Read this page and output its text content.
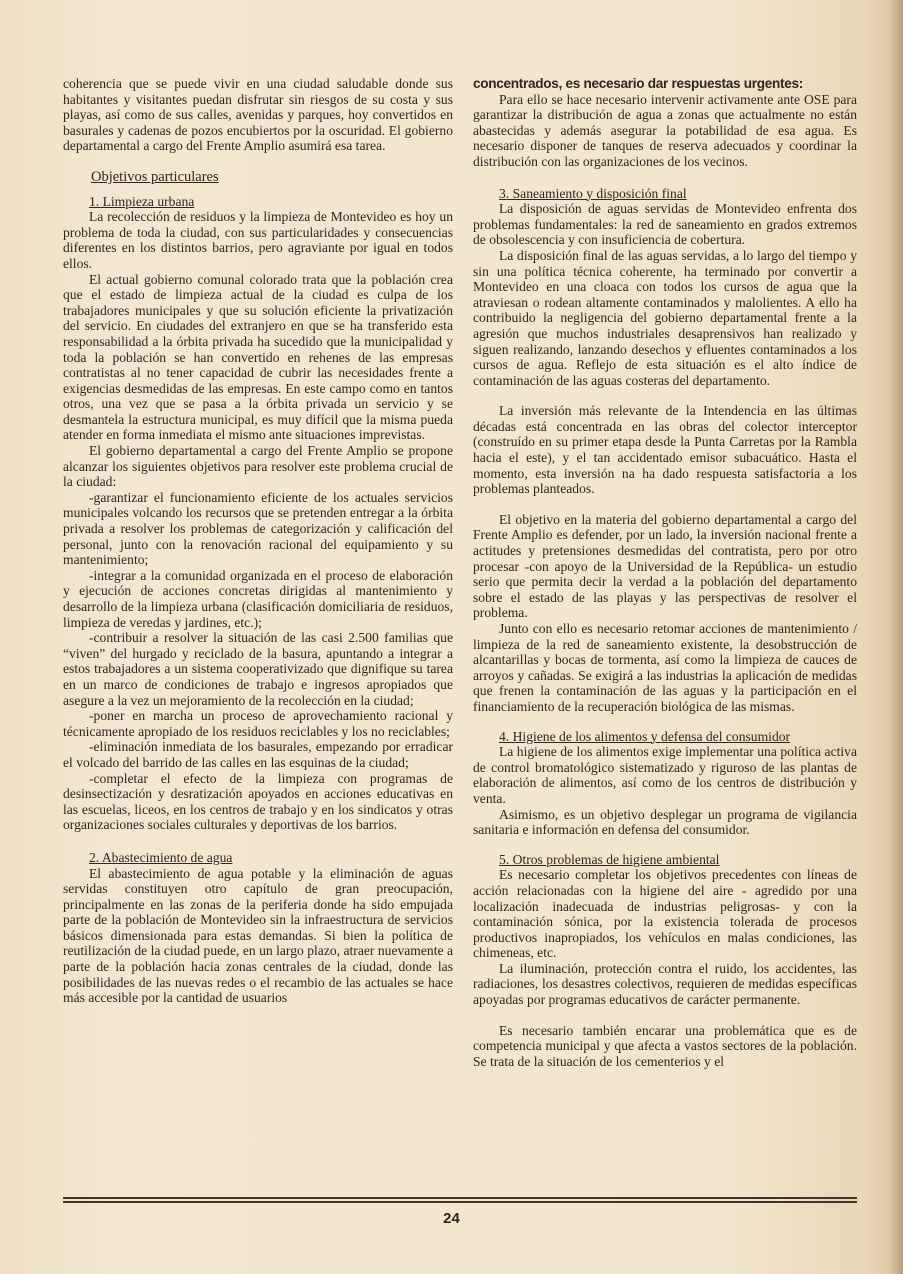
coherencia que se puede vivir en una ciudad saludable donde sus habitantes y visitantes puedan disfrutar sin riesgos de su costa y sus playas, así como de sus calles, avenidas y parques, hoy convertidos en basurales y cadenas de pozos encubiertos por la oscuridad. El gobierno departamental a cargo del Frente Amplio asumirá esa tarea.

Objetivos particulares
1. Limpieza urbana

La recolección de residuos y la limpieza de Montevideo es hoy un problema de toda la ciudad, con sus particularidades y consecuencias diferentes en los distintos barrios, pero agraviante por igual en todos ellos.

El actual gobierno comunal colorado trata que la población crea que el estado de limpieza actual de la ciudad es culpa de los trabajadores municipales y que su solución eficiente la privatización del servicio. En ciudades del extranjero en que se ha transferido esta responsabilidad a la órbita privada ha sucedido que la municipalidad y toda la población se han convertido en rehenes de las empresas contratistas al no tener capacidad de cubrir las necesidades frente a exigencias desmedidas de las empresas. En este campo como en tantos otros, una vez que se pasa a la órbita privada un servicio y se desmantela la estructura municipal, es muy difícil que la misma pueda atender en forma inmediata el mismo ante situaciones imprevistas.

El gobierno departamental a cargo del Frente Amplio se propone alcanzar los siguientes objetivos para resolver este problema crucial de la ciudad:

-garantizar el funcionamiento eficiente de los actuales servicios municipales volcando los recursos que se pretenden entregar a la órbita privada a resolver los problemas de categorización y calificación del personal, junto con la renovación racional del equipamiento y su mantenimiento;

-integrar a la comunidad organizada en el proceso de elaboración y ejecución de acciones concretas dirigidas al mantenimiento y desarrollo de la limpieza urbana (clasificación domiciliaria de residuos, limpieza de veredas y jardines, etc.);

-contribuir a resolver la situación de las casi 2.500 familias que “viven” del hurgado y reciclado de la basura, apuntando a integrar a estos trabajadores a un sistema cooperativizado que dignifique su tarea en un marco de condiciones de trabajo e ingresos apropiados que asegure a la vez un mejoramiento de la recolección en la ciudad;

-poner en marcha un proceso de aprovechamiento racional y técnicamente apropiado de los residuos reciclables y los no reciclables;

-eliminación inmediata de los basurales, empezando por erradicar el volcado del barrido de las calles en las esquinas de la ciudad;

-completar el efecto de la limpieza con programas de desinsectización y desratización apoyados en acciones educativas en las escuelas, liceos, en los centros de trabajo y en los sindicatos y otras organizaciones sociales culturales y deportivas de los barrios.

2. Abastecimiento de agua

El abastecimiento de agua potable y la eliminación de aguas servidas constituyen otro capítulo de gran preocupación, principalmente en las zonas de la periferia donde ha sido empujada parte de la población de Montevideo sin la infraestructura de servicios básicos dimensionada para estas demandas. Si bien la política de reutilización de la ciudad puede, en un largo plazo, atraer nuevamente a parte de la población hacia zonas centrales de la ciudad, donde las posibilidades de las nuevas redes o el recambio de las actuales se hace más accesible por la cantidad de usuarios

concentrados, es necesario dar respuestas urgentes:

Para ello se hace necesario intervenir activamente ante OSE para garantizar la distribución de agua a zonas que actualmente no están abastecidas y además asegurar la potabilidad de esa agua. Es necesario disponer de tanques de reserva adecuados y coordinar la distribución con las organizaciones de los vecinos.

3. Saneamiento y disposición final

La disposición de aguas servidas de Montevideo enfrenta dos problemas fundamentales: la red de saneamiento en grados extremos de obsolescencia y con insuficiencia de cobertura.

La disposición final de las aguas servidas, a lo largo del tiempo y sin una política técnica coherente, ha terminado por convertir a Montevideo en una cloaca con todos los cursos de agua que la atraviesan o rodean altamente contaminados y malolientes. A ello ha contribuido la negligencia del gobierno departamental frente a la agresión que muchos industriales desaprensivos han realizado y siguen realizando, lanzando desechos y efluentes contaminados a los cursos de agua. Reflejo de esta situación es el alto índice de contaminación de las aguas costeras del departamento.

La inversión más relevante de la Intendencia en las últimas décadas está concentrada en las obras del colector interceptor (construído en su primer etapa desde la Punta Carretas por la Rambla hacia el este), y el tan accidentado emisor subacuático. Hasta el momento, esta inversión na ha dado respuesta satisfactoria a los problemas planteados.

El objetivo en la materia del gobierno departamental a cargo del Frente Amplio es defender, por un lado, la inversión nacional frente a actitudes y pretensiones desmedidas del contratista, pero por otro procesar -con apoyo de la Universidad de la República- un estudio serio que permita decir la verdad a la población del departamento sobre el estado de las playas y las perspectivas de resolver el problema.

Junto con ello es necesario retomar acciones de mantenimiento / limpieza de la red de saneamiento existente, la desobstrucción de alcantarillas y bocas de tormenta, así como la limpieza de cauces de arroyos y cañadas. Se exigirá a las industrias la aplicación de medidas que frenen la contaminación de las aguas y la participación en el financiamiento de la recuperación biológica de las mismas.

4. Higiene de los alimentos y defensa del consumidor

La higiene de los alimentos exige implementar una política activa de control bromatológico sistematizado y riguroso de las plantas de elaboración de alimentos, así como de los centros de distribución y venta.

Asimismo, es un objetivo desplegar un programa de vigilancia sanitaria e información en defensa del consumidor.

5. Otros problemas de higiene ambiental

Es necesario completar los objetivos precedentes con líneas de acción relacionadas con la higiene del aire - agredido por una localización inadecuada de industrias peligrosas- y con la contaminación sónica, por la existencia tolerada de procesos productivos inapropiados, los vehículos en malas condiciones, las chimeneas, etc.

La iluminación, protección contra el ruido, los accidentes, las radiaciones, los desastres colectivos, requieren de medidas específicas apoyadas por programas educativos de carácter permanente.

Es necesario también encarar una problemática que es de competencia municipal y que afecta a vastos sectores de la población. Se trata de la situación de los cementerios y el

24
